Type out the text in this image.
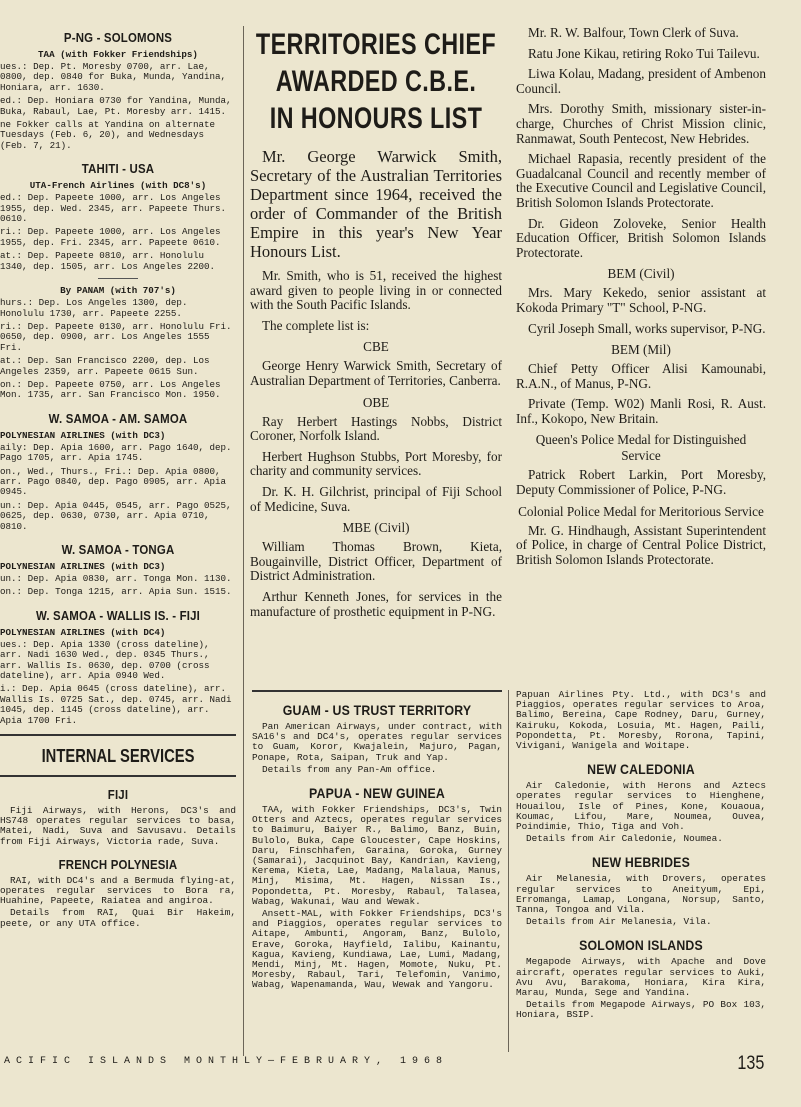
P-NG - SOLOMONS
TAA (with Fokker Friendships)
ues.: Dep. Pt. Moresby 0700, arr. Lae, 0800, dep. 0840 for Buka, Munda, Yandina, Honiara, arr. 1630.
ed.: Dep. Honiara 0730 for Yandina, Munda, Buka, Rabaul, Lae, Pt. Moresby arr. 1415.
ne Fokker calls at Yandina on alternate Tuesdays (Feb. 6, 20), and Wednesdays (Feb. 7, 21).
TAHITI - USA
UTA-French Airlines (with DC8's)
ed.: Dep. Papeete 1000, arr. Los Angeles 1955, dep. Wed. 2345, arr. Papeete Thurs. 0610.
ri.: Dep. Papeete 1000, arr. Los Angeles 1955, dep. Fri. 2345, arr. Papeete 0610.
at.: Dep. Papeete 0810, arr. Honolulu 1340, dep. 1505, arr. Los Angeles 2200.
By PANAM (with 707's)
hurs.: Dep. Los Angeles 1300, dep. Honolulu 1730, arr. Papeete 2255.
ri.: Dep. Papeete 0130, arr. Honolulu Fri. 0650, dep. 0900, arr. Los Angeles 1555 Fri.
at.: Dep. San Francisco 2200, dep. Los Angeles 2359, arr. Papeete 0615 Sun.
on.: Dep. Papeete 0750, arr. Los Angeles Mon. 1735, arr. San Francisco Mon. 1950.
W. SAMOA - AM. SAMOA
POLYNESIAN AIRLINES (with DC3)
aily: Dep. Apia 1600, arr. Pago 1640, dep. Pago 1705, arr. Apia 1745.
on., Wed., Thurs., Fri.: Dep. Apia 0800, arr. Pago 0840, dep. Pago 0905, arr. Apia 0945.
un.: Dep. Apia 0445, 0545, arr. Pago 0525, 0625, dep. 0630, 0730, arr. Apia 0710, 0810.
W. SAMOA - TONGA
POLYNESIAN AIRLINES (with DC3)
un.: Dep. Apia 0830, arr. Tonga Mon. 1130.
on.: Dep. Tonga 1215, arr. Apia Sun. 1515.
W. SAMOA - WALLIS IS. - FIJI
POLYNESIAN AIRLINES (with DC4)
ues.: Dep. Apia 1330 (cross dateline), arr. Nadi 1630 Wed., dep. 0345 Thurs., arr. Wallis Is. 0630, dep. 0700 (cross dateline), arr. Apia 0940 Wed.
i.: Dep. Apia 0645 (cross dateline), arr. Wallis Is. 0725 Sat., dep. 0745, arr. Nadi 1045, dep. 1145 (cross dateline), arr. Apia 1700 Fri.
INTERNAL SERVICES
FIJI
Fiji Airways, with Herons, DC3's and HS748 operates regular services to basa, Matei, Nadi, Suva and Savusavu. Details from Fiji Airways, Victoria rade, Suva.
FRENCH POLYNESIA
RAI, with DC4's and a Bermuda flying-at, operates regular services to Bora ra, Huahine, Papeete, Raiatea and angiroa.
Details from RAI, Quai Bir Hakeim, peete, or any UTA office.
TERRITORIES CHIEF
AWARDED C.B.E.
IN HONOURS LIST

Mr. George Warwick Smith, Secretary of the Australian Territories Department since 1964, received the order of Commander of the British Empire in this year's New Year Honours List.

Mr. Smith, who is 51, received the highest award given to people living in or connected with the South Pacific Islands.

The complete list is:

CBE

George Henry Warwick Smith, Secretary of Australian Department of Territories, Canberra.

OBE

Ray Herbert Hastings Nobbs, District Coroner, Norfolk Island.

Herbert Hughson Stubbs, Port Moresby, for charity and community services.

Dr. K. H. Gilchrist, principal of Fiji School of Medicine, Suva.

MBE (Civil)

William Thomas Brown, Kieta, Bougainville, District Officer, Department of District Administration.

Arthur Kenneth Jones, for services in the manufacture of prosthetic equipment in P-NG.

Mr. R. W. Balfour, Town Clerk of Suva.

Ratu Jone Kikau, retiring Roko Tui Tailevu.

Liwa Kolau, Madang, president of Ambenon Council.

Mrs. Dorothy Smith, missionary sister-in-charge, Churches of Christ Mission clinic, Ranmawat, South Pentecost, New Hebrides.

Michael Rapasia, recently president of the Guadalcanal Council and recently member of the Executive Council and Legislative Council, British Solomon Islands Protectorate.

Dr. Gideon Zoloveke, Senior Health Education Officer, British Solomon Islands Protectorate.

BEM (Civil)

Mrs. Mary Kekedo, senior assistant at Kokoda Primary "T" School, P-NG.

Cyril Joseph Small, works supervisor, P-NG.

BEM (Mil)

Chief Petty Officer Alisi Kamounabi, R.A.N., of Manus, P-NG.

Private (Temp. W02) Manli Rosi, R. Aust. Inf., Kokopo, New Britain.

Queen's Police Medal for Distinguished Service

Patrick Robert Larkin, Port Moresby, Deputy Commissioner of Police, P-NG.

Colonial Police Medal for Meritorious Service

Mr. G. Hindhaugh, Assistant Superintendent of Police, in charge of Central Police District, British Solomon Islands Protectorate.

GUAM - US TRUST TERRITORY
Pan American Airways, under contract, with SA16's and DC4's, operates regular services to Guam, Koror, Kwajalein, Majuro, Pagan, Ponape, Rota, Saipan, Truk and Yap.
Details from any Pan-Am office.
PAPUA - NEW GUINEA
TAA, with Fokker Friendships, DC3's, Twin Otters and Aztecs, operates regular services to Baimuru, Baiyer R., Balimo, Banz, Buin, Bulolo, Buka, Cape Gloucester, Cape Hoskins, Daru, Finschhafen, Garaina, Goroka, Gurney (Samarai), Jacquinot Bay, Kandrian, Kavieng, Kerema, Kieta, Lae, Madang, Malalaua, Manus, Minj, Misima, Mt. Hagen, Nissan Is., Popondetta, Pt. Moresby, Rabaul, Talasea, Wabag, Wakunai, Wau and Wewak.
Ansett-MAL, with Fokker Friendships, DC3's and Piaggios, operates regular services to Aitape, Ambunti, Angoram, Banz, Bulolo, Erave, Goroka, Hayfield, Ialibu, Kainantu, Kagua, Kavieng, Kundiawa, Lae, Lumi, Madang, Mendi, Minj, Mt. Hagen, Momote, Nuku, Pt. Moresby, Rabaul, Tari, Telefomin, Vanimo, Wabag, Wapenamanda, Wau, Wewak and Yangoru.
Papuan Airlines Pty. Ltd., with DC3's and Piaggios, operates regular services to Aroa, Balimo, Bereina, Cape Rodney, Daru, Gurney, Kairuku, Kokoda, Losuia, Mt. Hagen, Paili, Popondetta, Pt. Moresby, Rorona, Tapini, Vivigani, Wanigela and Woitape.
NEW CALEDONIA
Air Caledonie, with Herons and Aztecs operates regular services to Hienghene, Houailou, Isle of Pines, Kone, Kouaoua, Koumac, Lifou, Mare, Noumea, Ouvea, Poindimie, Thio, Tiga and Voh.
Details from Air Caledonie, Noumea.
NEW HEBRIDES
Air Melanesia, with Drovers, operates regular services to Aneityum, Epi, Erromanga, Lamap, Longana, Norsup, Santo, Tanna, Tongoa and Vila.
Details from Air Melanesia, Vila.
SOLOMON ISLANDS
Megapode Airways, with Apache and Dove aircraft, operates regular services to Auki, Avu Avu, Barakoma, Honiara, Kira Kira, Marau, Munda, Sege and Yandina.
Details from Megapode Airways, PO Box 103, Honiara, BSIP.
ACIFIC ISLANDS MONTHLY—FEBRUARY, 1968	135
